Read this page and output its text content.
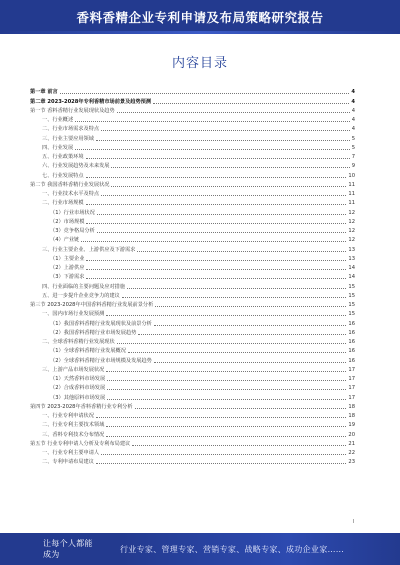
香料香精企业专利申请及布局策略研究报告
内容目录
第一章 前言	4
第二章 2023-2028年专利香精市场前景及趋势预测	4
第一节 香料香精行业发展现状及趋势	4
一、行业概述	4
二、行业市场需求及特点	4
三、行业主要应用领域	5
四、行业发展	5
五、行业政策环境	7
六、行业发展趋势及未来发展	9
七、行业发展特点	10
第二节 我国香料香精行业发展状况	11
一、行业技术水平及特点	11
二、行业市场规模	11
（1）行业市场状况	12
（2）市场规模	12
（3）竞争格局分析	12
（4）产业链	12
三、行业主要企业、上游供应及下游需求	13
（1）主要企业	13
（2）上游供应	14
（3）下游需求	14
四、行业面临的主要问题及应对措施	15
五、进一步提升企业竞争力的建议	15
第三节 2023-2028年中国香料香精行业发展前景分析	15
一、国内市场行业发展预测	15
（1）我国香料香精行业发展现状及前景分析	16
（2）我国香料香精行业市场发展趋势	16
二、全球香料香精行业发展现状	16
（1）全球香料香精行业发展概况	16
（2）全球香料香精行业市场规模及发展趋势	16
三、上游产品市场发展状况	17
（1）天然香料市场发展	17
（2）合成香料市场发展	17
（3）其他原料市场发展	17
第四节 2023-2028年香料香精行业专利分析	18
一、行业专利申请状况	18
二、行业专利主要技术领域	19
三、香料专利技术分布情况	20
第五节 行业专利申请人分析及专利布局建议	21
一、行业专利主要申请人	22
二、专利申请布局建议	23
I
让每个人都能成为
行业专家、管理专家、营销专家、战略专家、成功企业家……
